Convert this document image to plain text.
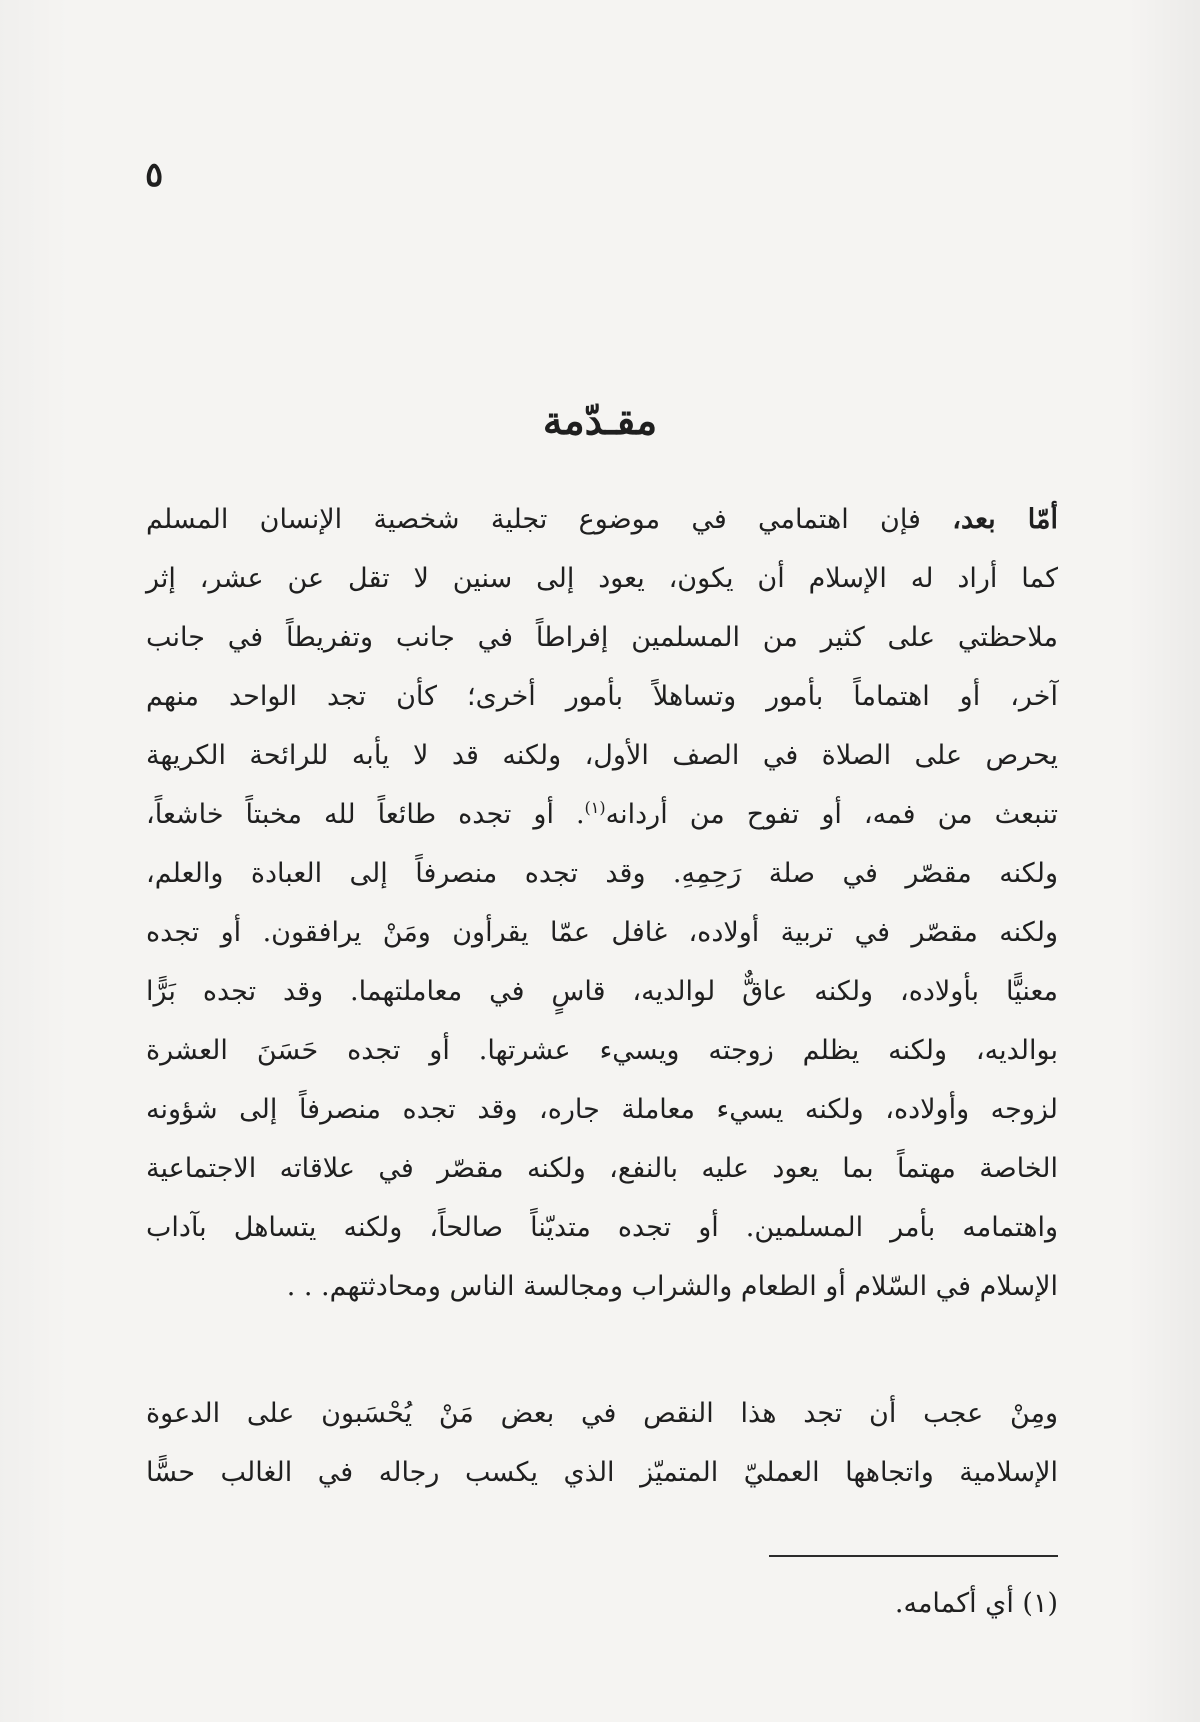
٥
مقـدّمة
أمّا بعد، فإن اهتمامي في موضوع تجلية شخصية الإنسان المسلم
كما أراد له الإسلام أن يكون، يعود إلى سنين لا تقل عن عشر، إثر
ملاحظتي على كثير من المسلمين إفراطاً في جانب وتفريطاً في جانب
آخر، أو اهتماماً بأمور وتساهلاً بأمور أخرى؛ كأن تجد الواحد منهم
يحرص على الصلاة في الصف الأول، ولكنه قد لا يأبه للرائحة الكريهة
تنبعث من فمه، أو تفوح من أردانه$^{(١)}$. أو تجده طائعاً لله مخبتاً خاشعاً،
ولكنه مقصّر في صلة رَحِمِهِ. وقد تجده منصرفاً إلى العبادة والعلم،
ولكنه مقصّر في تربية أولاده، غافل عمّا يقرأون ومَنْ يرافقون. أو تجده
معنيًّا بأولاده، ولكنه عاقٌّ لوالديه، قاسٍ في معاملتهما. وقد تجده بَرًّا
بوالديه، ولكنه يظلم زوجته ويسيء عشرتها. أو تجده حَسَنَ العشرة
لزوجه وأولاده، ولكنه يسيء معاملة جاره، وقد تجده منصرفاً إلى شؤونه
الخاصة مهتماً بما يعود عليه بالنفع، ولكنه مقصّر في علاقاته الاجتماعية
واهتمامه بأمر المسلمين. أو تجده متديّناً صالحاً، ولكنه يتساهل بآداب
الإسلام في السّلام أو الطعام والشراب ومجالسة الناس ومحادثتهم. . .
ومِنْ عجب أن تجد هذا النقص في بعض مَنْ يُحْسَبون على الدعوة
الإسلامية واتجاهها العمليّ المتميّز الذي يكسب رجاله في الغالب حسًّا
(١) أي أكمامه.
